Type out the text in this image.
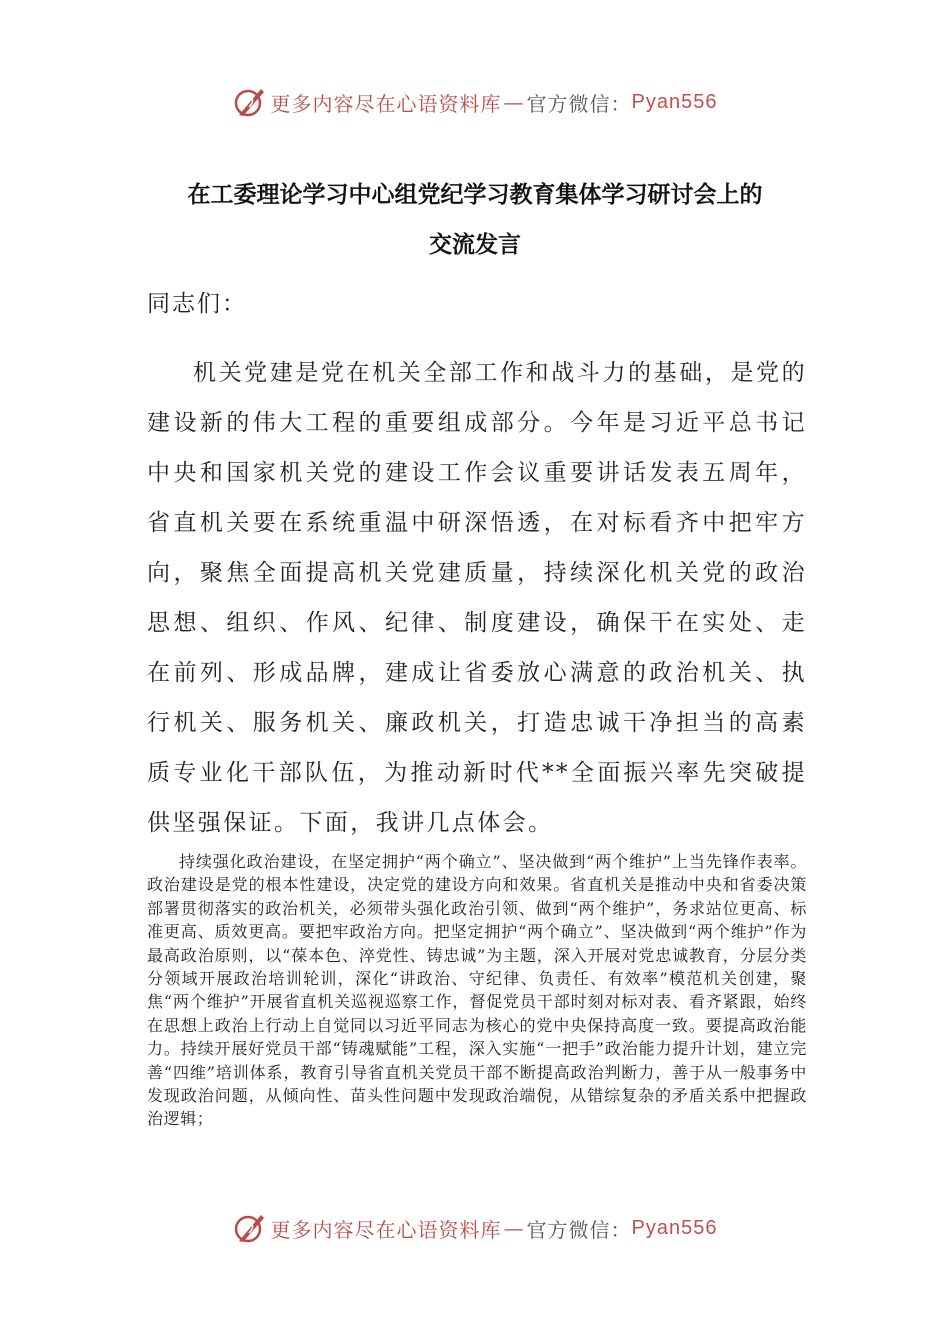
更多内容尽在心语资料库 — 官方微信： Pyan556
在工委理论学习中心组党纪学习教育集体学习研讨会上的
交流发言
同志们：

机关党建是党在机关全部工作和战斗力的基础，是党的建设新的伟大工程的重要组成部分。今年是习近平总书记中央和国家机关党的建设工作会议重要讲话发表五周年，省直机关要在系统重温中研深悟透，在对标看齐中把牢方向，聚焦全面提高机关党建质量，持续深化机关党的政治思想、组织、作风、纪律、制度建设，确保干在实处、走在前列、形成品牌，建成让省委放心满意的政治机关、执行机关、服务机关、廉政机关，打造忠诚干净担当的高素质专业化干部队伍，为推动新时代**全面振兴率先突破提供坚强保证。下面，我讲几点体会。

持续强化政治建设，在坚定拥护“两个确立”、坚决做到“两个维护”上当先锋作表率。政治建设是党的根本性建设，决定党的建设方向和效果。省直机关是推动中央和省委决策部署贯彻落实的政治机关，必须带头强化政治引领、做到“两个维护”，务求站位更高、标准更高、质效更高。要把牢政治方向。把坚定拥护“两个确立”、坚决做到“两个维护”作为最高政治原则，以“葆本色、淬党性、铸忠诚”为主题，深入开展对党忠诚教育，分层分类分领域开展政治培训轮训，深化“讲政治、守纪律、负责任、有效率”模范机关创建，聚焦“两个维护”开展省直机关巡视巡察工作，督促党员干部时刻对标对表、看齐紧跟，始终在思想上政治上行动上自觉同以习近平同志为核心的党中央保持高度一致。要提高政治能力。持续开展好党员干部“铸魂赋能”工程，深入实施“一把手”政治能力提升计划，建立完善“四维”培训体系，教育引导省直机关党员干部不断提高政治判断力，善于从一般事务中发现政治问题，从倾向性、苗头性问题中发现政治端倪，从错综复杂的矛盾关系中把握政治逻辑；

更多内容尽在心语资料库 — 官方微信： Pyan556
